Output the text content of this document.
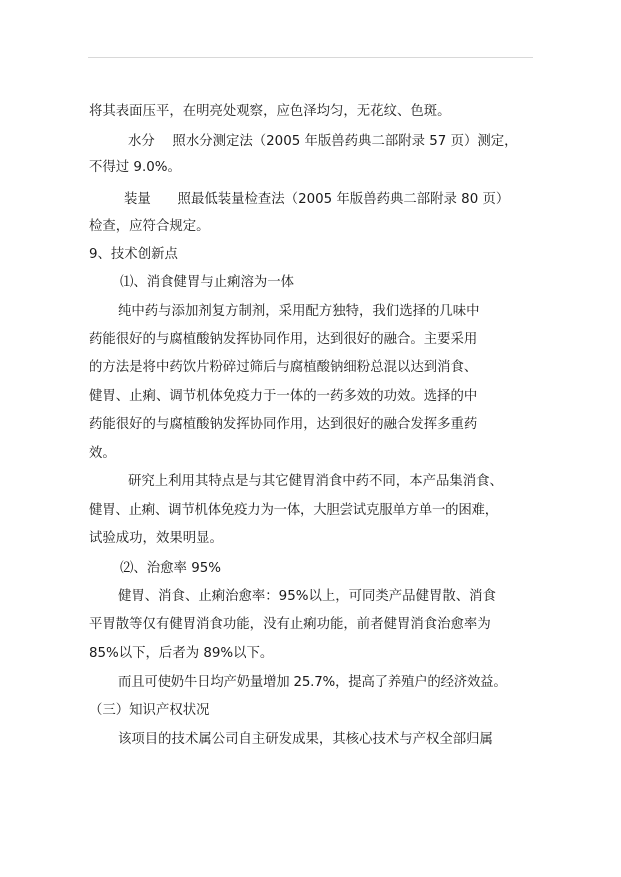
将其表面压平，在明亮处观察，应色泽均匀，无花纹、色斑。
水分　 照水分测定法（2005 年版兽药典二部附录 57 页）测定，
不得过 9.0%。
装量　　照最低装量检查法（2005 年版兽药典二部附录 80 页）
检查，应符合规定。
9、技术创新点
⑴、消食健胃与止痢溶为一体
纯中药与添加剂复方制剂，采用配方独特，我们选择的几味中
药能很好的与腐植酸钠发挥协同作用，达到很好的融合。主要采用
的方法是将中药饮片粉碎过筛后与腐植酸钠细粉总混以达到消食、
健胃、止痢、调节机体免疫力于一体的一药多效的功效。选择的中
药能很好的与腐植酸钠发挥协同作用，达到很好的融合发挥多重药
效。
研究上利用其特点是与其它健胃消食中药不同，本产品集消食、
健胃、止痢、调节机体免疫力为一体，大胆尝试克服单方单一的困难，
试验成功，效果明显。
⑵、治愈率 95%
健胃、消食、止痢治愈率：95%以上，可同类产品健胃散、消食
平胃散等仅有健胃消食功能，没有止痢功能，前者健胃消食治愈率为
85%以下，后者为 89%以下。
而且可使奶牛日均产奶量增加 25.7%，提高了养殖户的经济效益。
（三）知识产权状况
该项目的技术属公司自主研发成果，其核心技术与产权全部归属
